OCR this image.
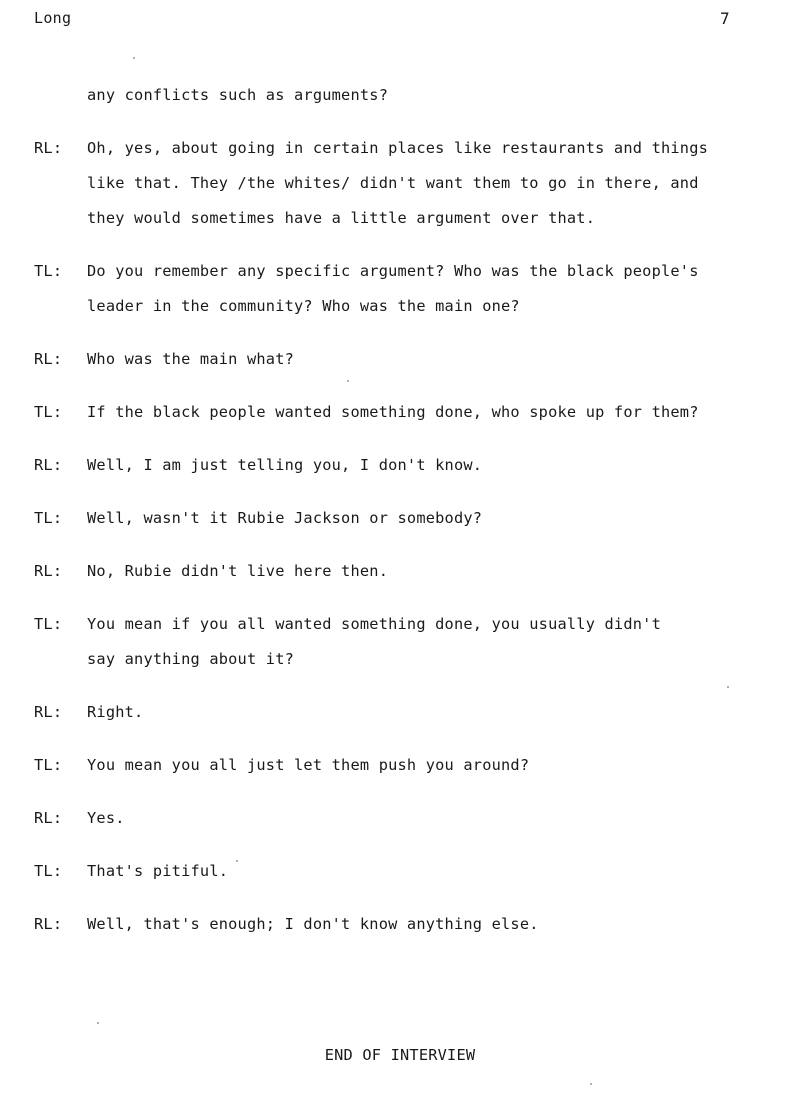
Long	7
any conflicts such as arguments?
RL: Oh, yes, about going in certain places like restaurants and things like that. They /the whites/ didn't want them to go in there, and they would sometimes have a little argument over that.
TL: Do you remember any specific argument? Who was the black people's leader in the community? Who was the main one?
RL: Who was the main what?
TL: If the black people wanted something done, who spoke up for them?
RL: Well, I am just telling you, I don't know.
TL: Well, wasn't it Rubie Jackson or somebody?
RL: No, Rubie didn't live here then.
TL: You mean if you all wanted something done, you usually didn't say anything about it?
RL: Right.
TL: You mean you all just let them push you around?
RL: Yes.
TL: That's pitiful.
RL: Well, that's enough; I don't know anything else.
END OF INTERVIEW
